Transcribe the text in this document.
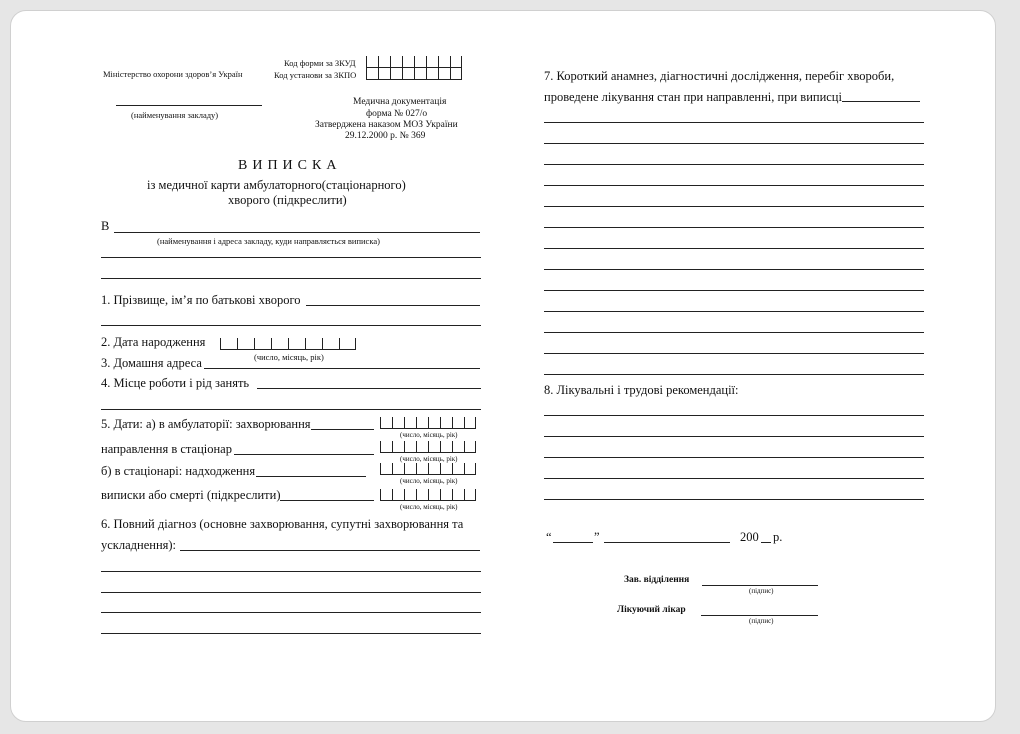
Міністерство охорони здоров’я Україн
Код форми за ЗКУД
Код установи за ЗКПО
(найменування закладу)
Медична документація
форма № 027/о
Затверджена наказом МОЗ України
29.12.2000 р. № 369
ВИПИСКА
із медичної карти амбулаторного(стаціонарного)
хворого (підкреслити)
В
(найменування і адреса закладу, куди направляється виписка)
1. Прізвище, ім’я по батькові хворого
2. Дата народження
(число, місяць, рік)
3. Домашня адреса
4. Місце роботи і рід занять
5. Дати: а) в амбулаторії: захворювання
(число, місяць, рік)
направлення в стаціонар
(число, місяць, рік)
б) в стаціонарі: надходження
(число, місяць, рік)
виписки або смерті (підкреслити)
(число, місяць, рік)
6. Повний діагноз (основне захворювання, супутні захворювання та
ускладнення):
7. Короткий анамнез, діагностичні дослідження, перебіг хвороби,
проведене лікування стан при направленні, при виписці
8. Лікувальні і трудові рекомендації:
“	”	200 р.
Зав. відділення
(підпис)
Лікуючий лікар
(підпис)
